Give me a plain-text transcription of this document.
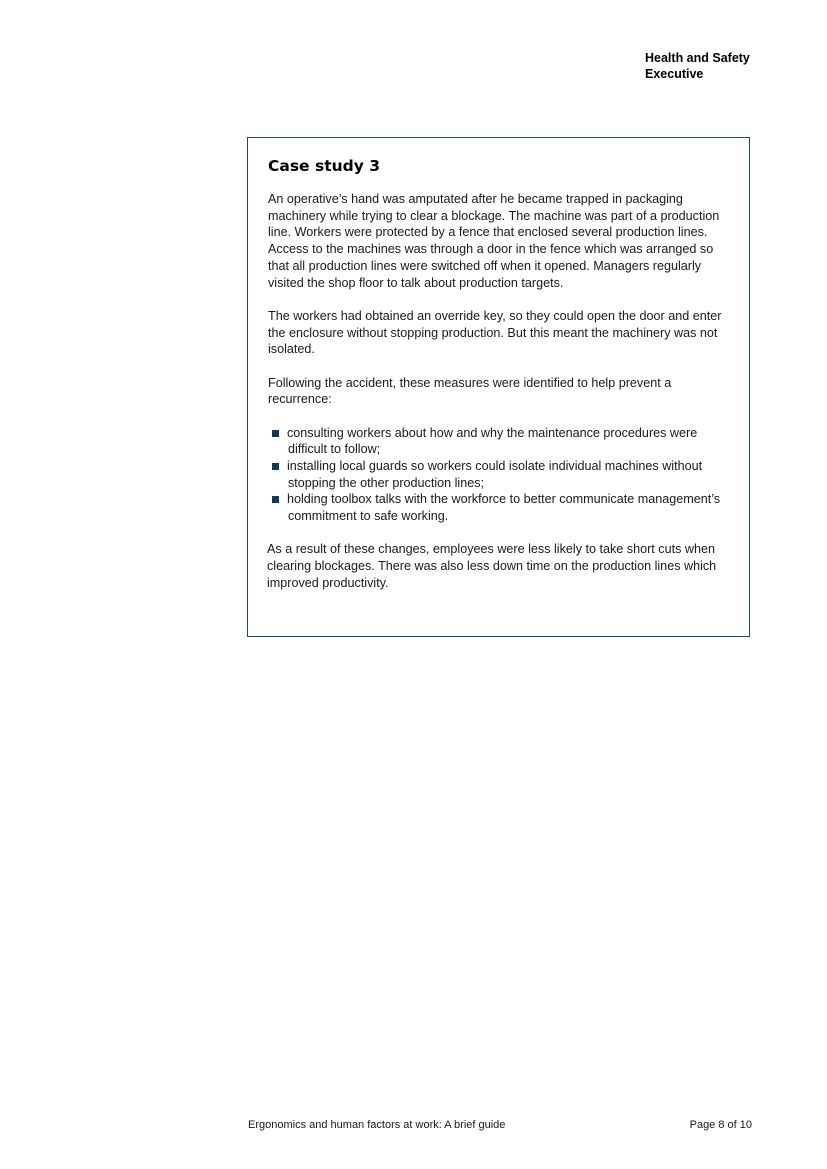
Health and Safety
Executive
Case study 3

An operative’s hand was amputated after he became trapped in packaging machinery while trying to clear a blockage. The machine was part of a production line. Workers were protected by a fence that enclosed several production lines. Access to the machines was through a door in the fence which was arranged so that all production lines were switched off when it opened. Managers regularly visited the shop floor to talk about production targets.

The workers had obtained an override key, so they could open the door and enter the enclosure without stopping production. But this meant the machinery was not isolated.

Following the accident, these measures were identified to help prevent a recurrence:

consulting workers about how and why the maintenance procedures were difficult to follow;
installing local guards so workers could isolate individual machines without stopping the other production lines;
holding toolbox talks with the workforce to better communicate management’s commitment to safe working.

As a result of these changes, employees were less likely to take short cuts when clearing blockages. There was also less down time on the production lines which improved productivity.

Ergonomics and human factors at work: A brief guide	Page 8 of 10
